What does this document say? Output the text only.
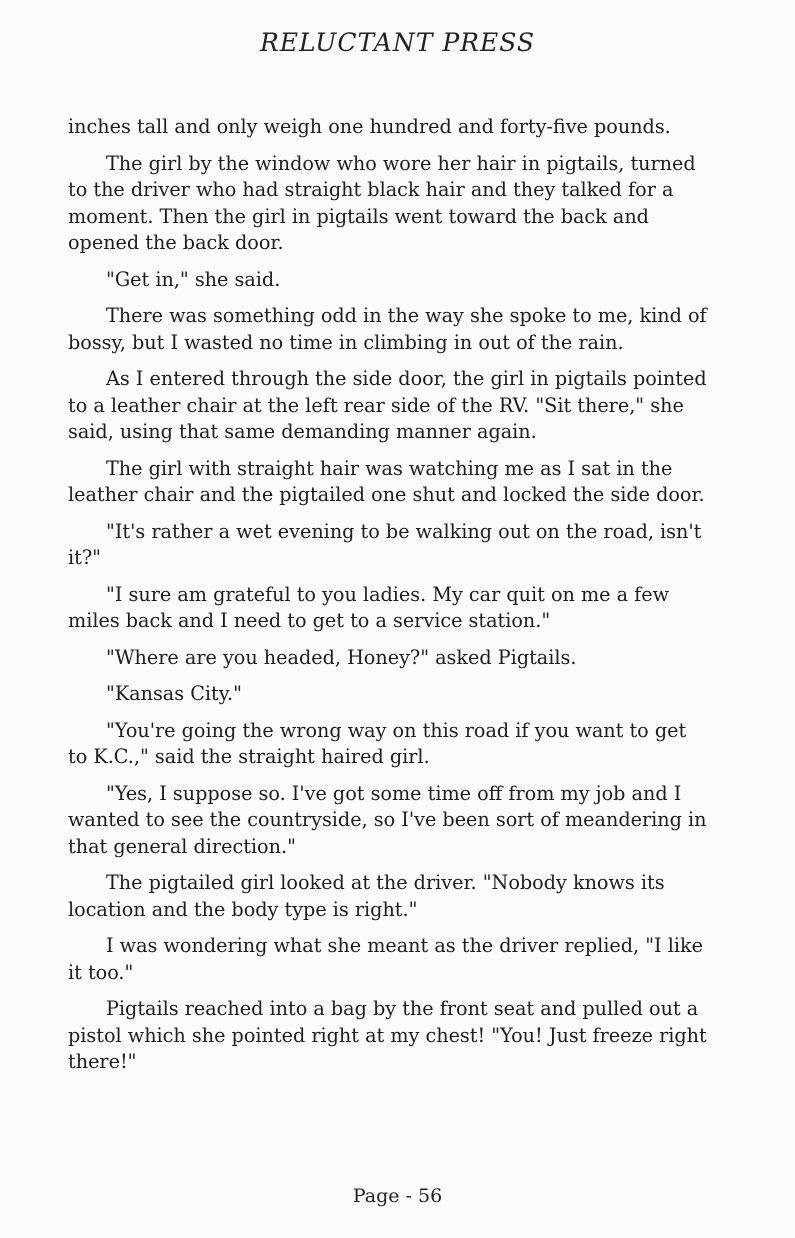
RELUCTANT PRESS

inches tall and only weigh one hundred and forty-five pounds.

The girl by the window who wore her hair in pigtails, turned to the driver who had straight black hair and they talked for a moment. Then the girl in pigtails went toward the back and opened the back door.

"Get in," she said.

There was something odd in the way she spoke to me, kind of bossy, but I wasted no time in climbing in out of the rain.

As I entered through the side door, the girl in pigtails pointed to a leather chair at the left rear side of the RV. "Sit there," she said, using that same demanding manner again.

The girl with straight hair was watching me as I sat in the leather chair and the pigtailed one shut and locked the side door.

"It's rather a wet evening to be walking out on the road, isn't it?"

"I sure am grateful to you ladies. My car quit on me a few miles back and I need to get to a service station."

"Where are you headed, Honey?" asked Pigtails.

"Kansas City."

"You're going the wrong way on this road if you want to get to K.C.," said the straight haired girl.

"Yes, I suppose so. I've got some time off from my job and I wanted to see the countryside, so I've been sort of meandering in that general direction."

The pigtailed girl looked at the driver. "Nobody knows its location and the body type is right."

I was wondering what she meant as the driver replied, "I like it too."

Pigtails reached into a bag by the front seat and pulled out a pistol which she pointed right at my chest! "You! Just freeze right there!"

Page - 56
